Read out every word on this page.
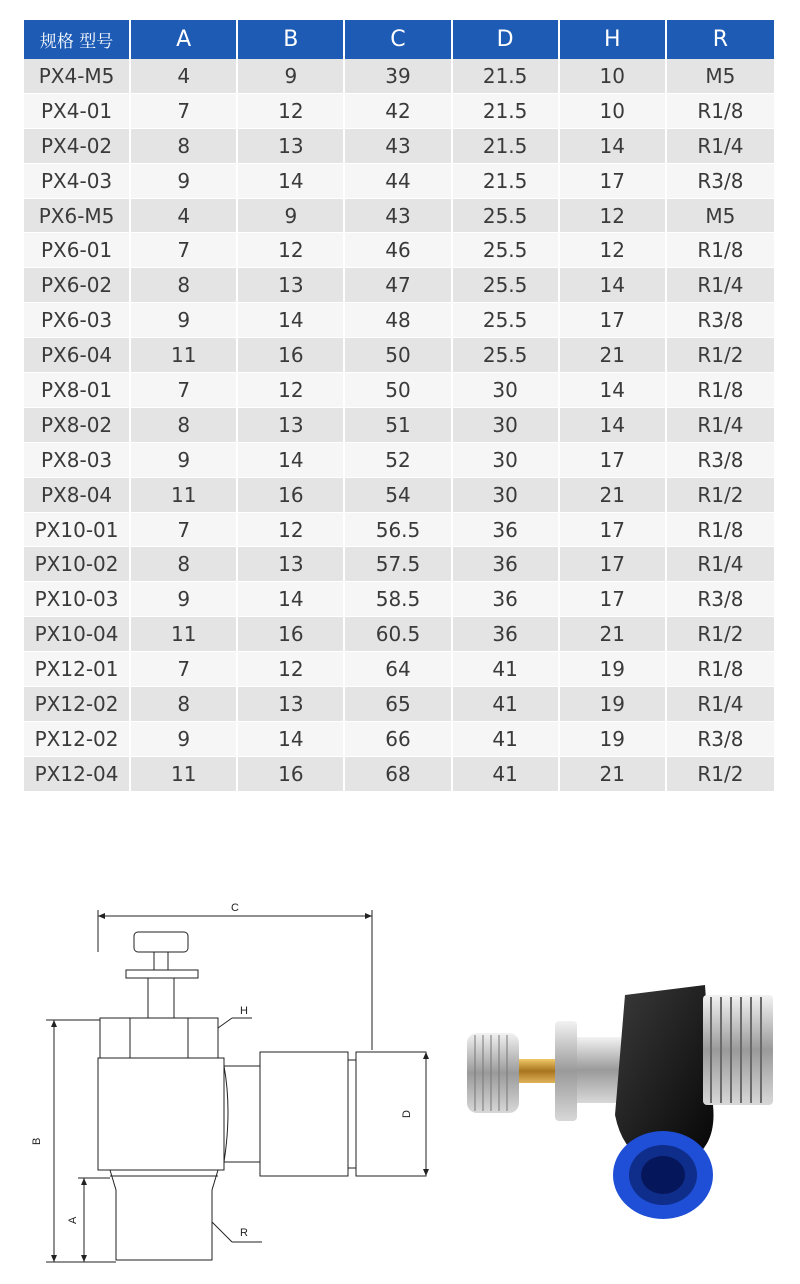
规格 型号	A	B	C	D	H	R
PX4-M5	4	9	39	21.5	10	M5
PX4-01	7	12	42	21.5	10	R1/8
PX4-02	8	13	43	21.5	14	R1/4
PX4-03	9	14	44	21.5	17	R3/8
PX6-M5	4	9	43	25.5	12	M5
PX6-01	7	12	46	25.5	12	R1/8
PX6-02	8	13	47	25.5	14	R1/4
PX6-03	9	14	48	25.5	17	R3/8
PX6-04	11	16	50	25.5	21	R1/2
PX8-01	7	12	50	30	14	R1/8
PX8-02	8	13	51	30	14	R1/4
PX8-03	9	14	52	30	17	R3/8
PX8-04	11	16	54	30	21	R1/2
PX10-01	7	12	56.5	36	17	R1/8
PX10-02	8	13	57.5	36	17	R1/4
PX10-03	9	14	58.5	36	17	R3/8
PX10-04	11	16	60.5	36	21	R1/2
PX12-01	7	12	64	41	19	R1/8
PX12-02	8	13	65	41	19	R1/4
PX12-02	9	14	66	41	19	R3/8
PX12-04	11	16	68	41	21	R1/2
C
H
D
B
A
R
